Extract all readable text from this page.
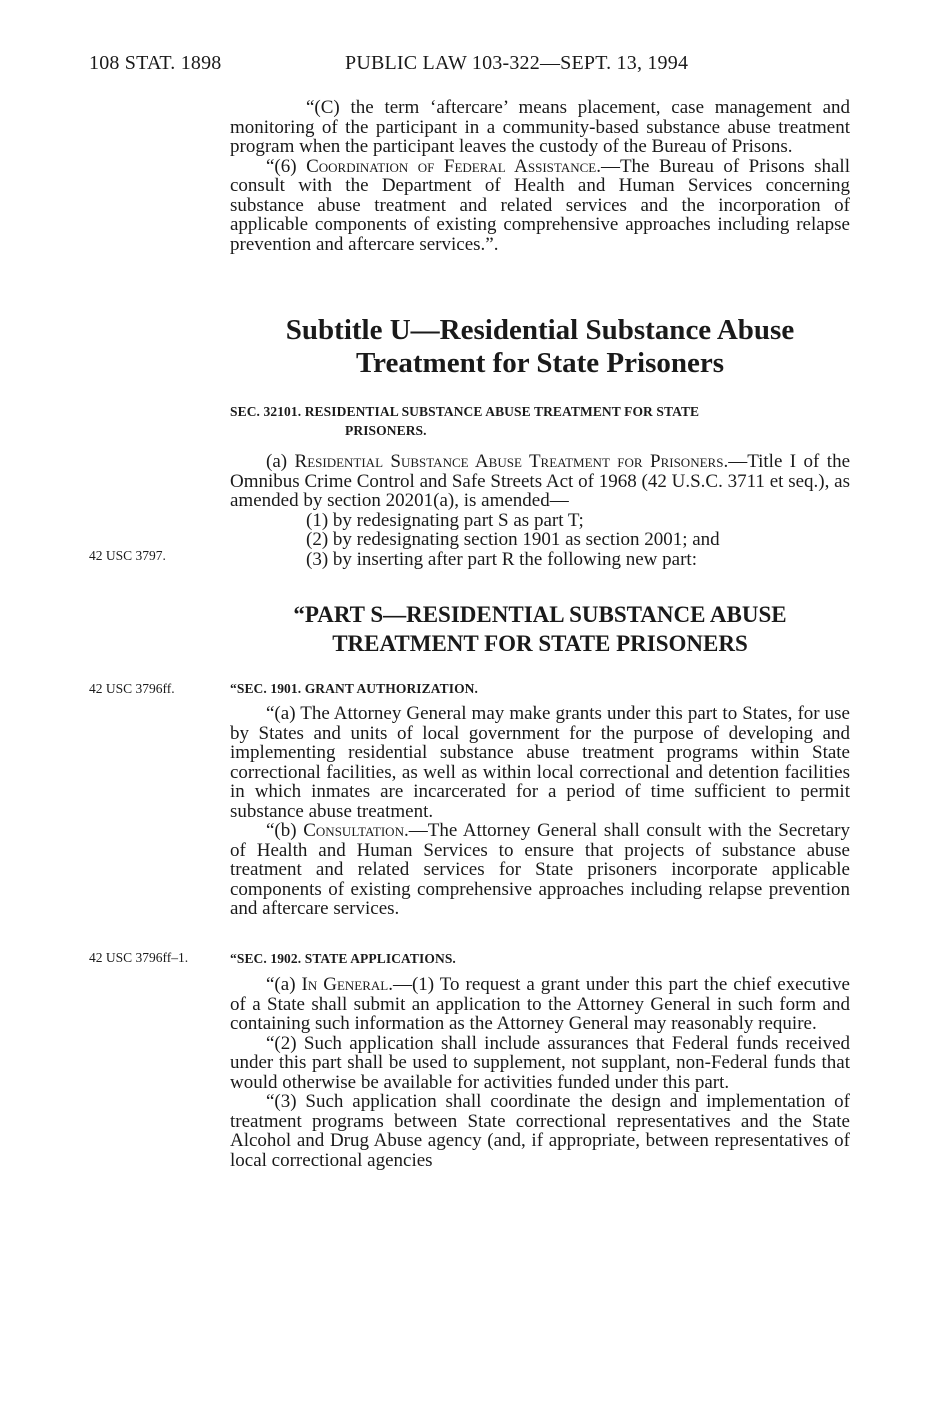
108 STAT. 1898	PUBLIC LAW 103-322—SEPT. 13, 1994

“(C) the term ‘aftercare’ means placement, case management and monitoring of the participant in a community-based substance abuse treatment program when the participant leaves the custody of the Bureau of Prisons.

“(6) Coordination of Federal Assistance.—The Bureau of Prisons shall consult with the Department of Health and Human Services concerning substance abuse treatment and related services and the incorporation of applicable components of existing comprehensive approaches including relapse prevention and aftercare services.”.

Subtitle U—Residential Substance Abuse
Treatment for State Prisoners
SEC. 32101. RESIDENTIAL SUBSTANCE ABUSE TREATMENT FOR STATE
PRISONERS.

(a) Residential Substance Abuse Treatment for Prisoners.—Title I of the Omnibus Crime Control and Safe Streets Act of 1968 (42 U.S.C. 3711 et seq.), as amended by section 20201(a), is amended—

(1) by redesignating part S as part T;
(2) by redesignating section 1901 as section 2001; and
(3) by inserting after part R the following new part:
42 USC 3797.
“PART S—RESIDENTIAL SUBSTANCE ABUSE
TREATMENT FOR STATE PRISONERS
42 USC 3796ff.	“SEC. 1901. GRANT AUTHORIZATION.

“(a) The Attorney General may make grants under this part to States, for use by States and units of local government for the purpose of developing and implementing residential substance abuse treatment programs within State correctional facilities, as well as within local correctional and detention facilities in which inmates are incarcerated for a period of time sufficient to permit substance abuse treatment.

“(b) Consultation.—The Attorney General shall consult with the Secretary of Health and Human Services to ensure that projects of substance abuse treatment and related services for State prisoners incorporate applicable components of existing comprehensive approaches including relapse prevention and aftercare services.

42 USC 3796ff–1.	“SEC. 1902. STATE APPLICATIONS.

“(a) In General.—(1) To request a grant under this part the chief executive of a State shall submit an application to the Attorney General in such form and containing such information as the Attorney General may reasonably require.

“(2) Such application shall include assurances that Federal funds received under this part shall be used to supplement, not supplant, non-Federal funds that would otherwise be available for activities funded under this part.

“(3) Such application shall coordinate the design and implementation of treatment programs between State correctional representatives and the State Alcohol and Drug Abuse agency (and, if appropriate, between representatives of local correctional agencies
